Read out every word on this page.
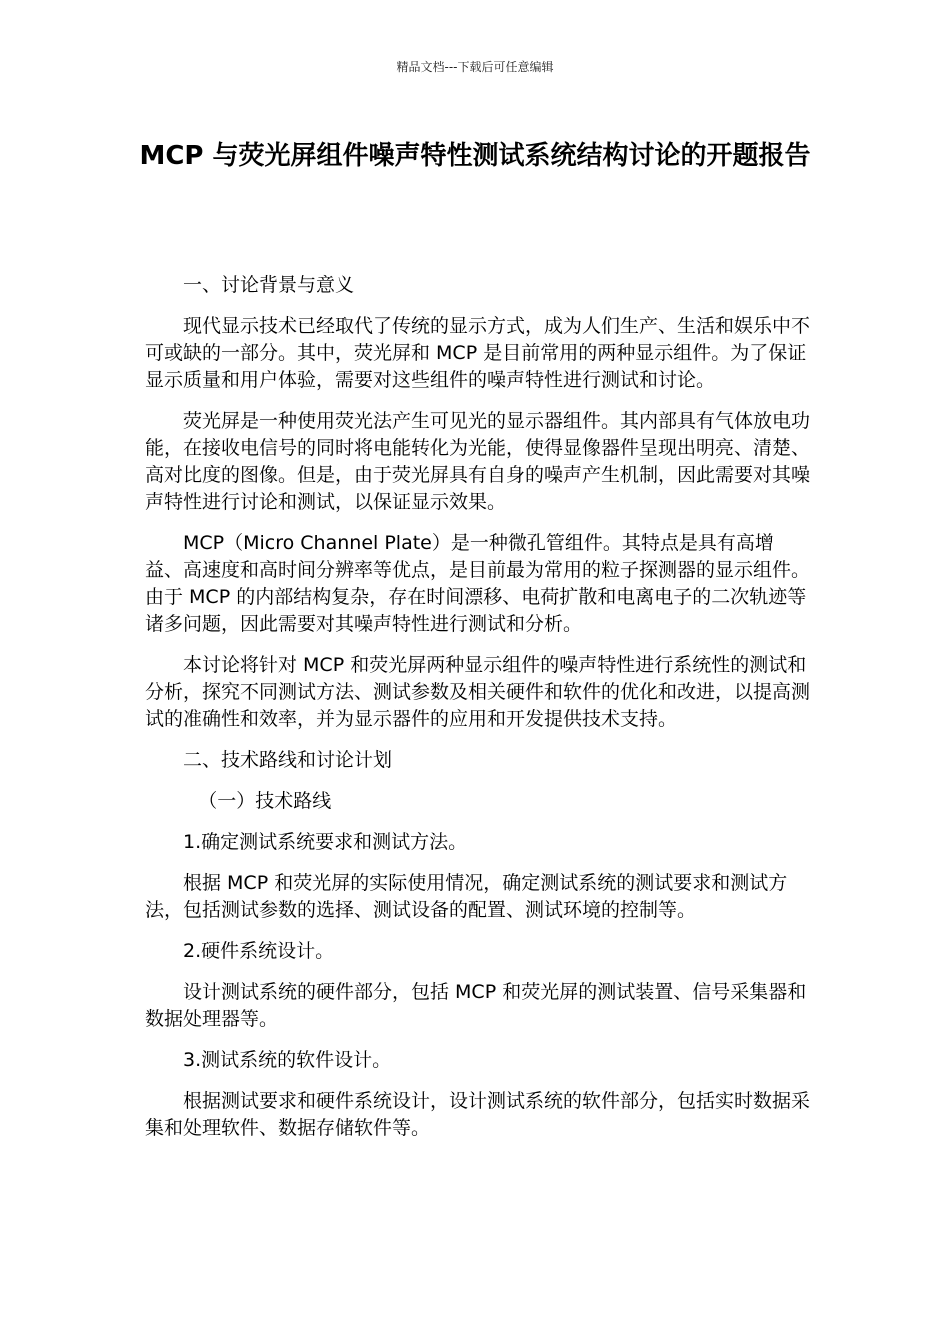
精品文档---下载后可任意编辑
MCP 与荧光屏组件噪声特性测试系统结构讨论的开题报告

一、讨论背景与意义

现代显示技术已经取代了传统的显示方式，成为人们生产、生活和娱乐中不可或缺的一部分。其中，荧光屏和 MCP 是目前常用的两种显示组件。为了保证显示质量和用户体验，需要对这些组件的噪声特性进行测试和讨论。

荧光屏是一种使用荧光法产生可见光的显示器组件。其内部具有气体放电功能，在接收电信号的同时将电能转化为光能，使得显像器件呈现出明亮、清楚、高对比度的图像。但是，由于荧光屏具有自身的噪声产生机制，因此需要对其噪声特性进行讨论和测试，以保证显示效果。

MCP（Micro Channel Plate）是一种微孔管组件。其特点是具有高增益、高速度和高时间分辨率等优点，是目前最为常用的粒子探测器的显示组件。由于 MCP 的内部结构复杂，存在时间漂移、电荷扩散和电离电子的二次轨迹等诸多问题，因此需要对其噪声特性进行测试和分析。

本讨论将针对 MCP 和荧光屏两种显示组件的噪声特性进行系统性的测试和分析，探究不同测试方法、测试参数及相关硬件和软件的优化和改进，以提高测试的准确性和效率，并为显示器件的应用和开发提供技术支持。

二、技术路线和讨论计划

（一）技术路线

1.确定测试系统要求和测试方法。

根据 MCP 和荧光屏的实际使用情况，确定测试系统的测试要求和测试方法，包括测试参数的选择、测试设备的配置、测试环境的控制等。

2.硬件系统设计。

设计测试系统的硬件部分，包括 MCP 和荧光屏的测试装置、信号采集器和数据处理器等。

3.测试系统的软件设计。

根据测试要求和硬件系统设计，设计测试系统的软件部分，包括实时数据采集和处理软件、数据存储软件等。
